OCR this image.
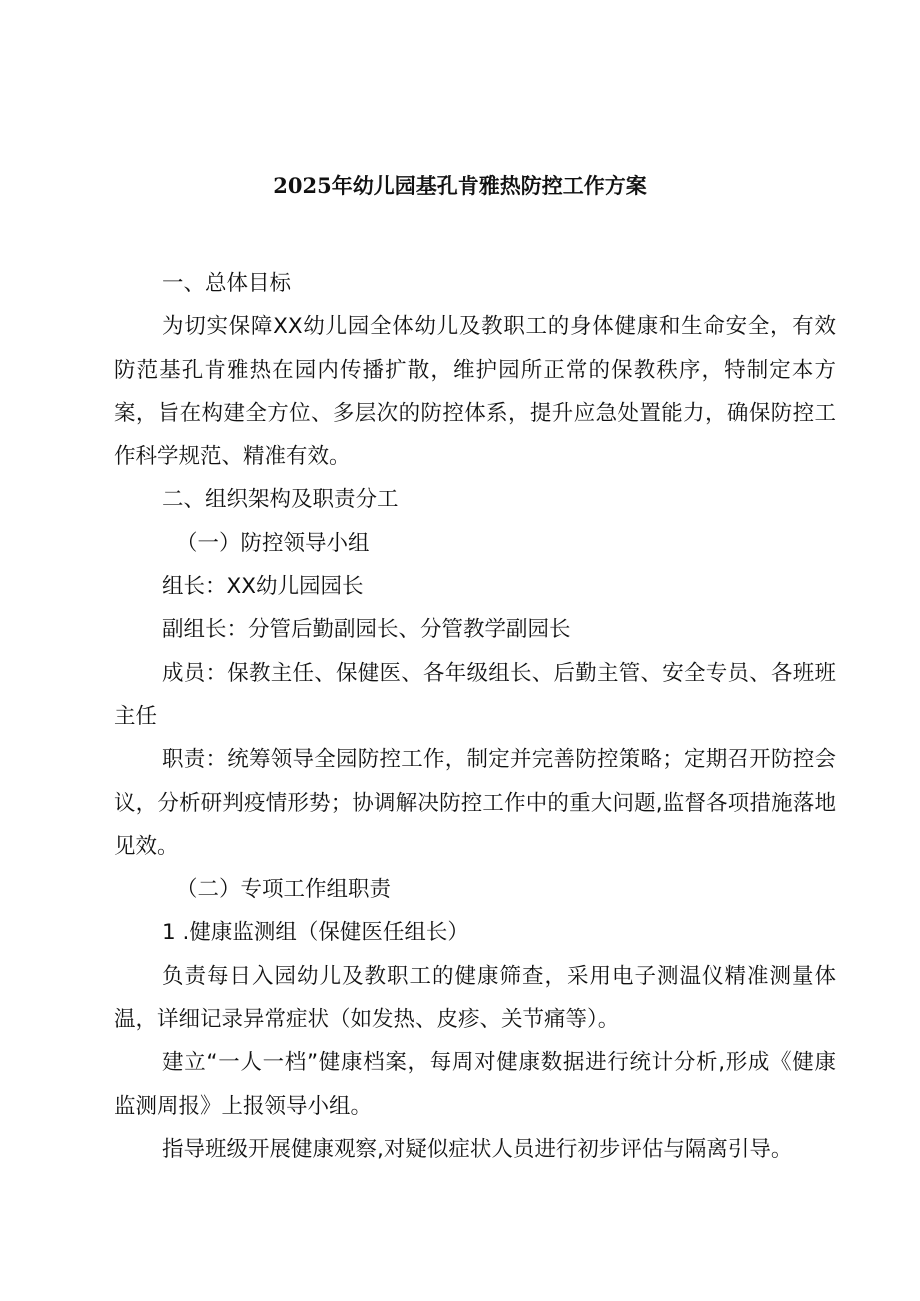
2025年幼儿园基孔肯雅热防控工作方案

一、总体目标

为切实保障XX幼儿园全体幼儿及教职工的身体健康和生命安全，有效防范基孔肯雅热在园内传播扩散，维护园所正常的保教秩序，特制定本方案，旨在构建全方位、多层次的防控体系，提升应急处置能力，确保防控工作科学规范、精准有效。

二、组织架构及职责分工

（一）防控领导小组

组长：XX幼儿园园长

副组长：分管后勤副园长、分管教学副园长

成员：保教主任、保健医、各年级组长、后勤主管、安全专员、各班班主任

职责：统筹领导全园防控工作，制定并完善防控策略；定期召开防控会议，分析研判疫情形势；协调解决防控工作中的重大问题,监督各项措施落地见效。

（二）专项工作组职责

1 .健康监测组（保健医任组长）

负责每日入园幼儿及教职工的健康筛查，采用电子测温仪精准测量体温，详细记录异常症状（如发热、皮疹、关节痛等）。

建立“一人一档”健康档案，每周对健康数据进行统计分析,形成《健康监测周报》上报领导小组。

指导班级开展健康观察,对疑似症状人员进行初步评估与隔离引导。
